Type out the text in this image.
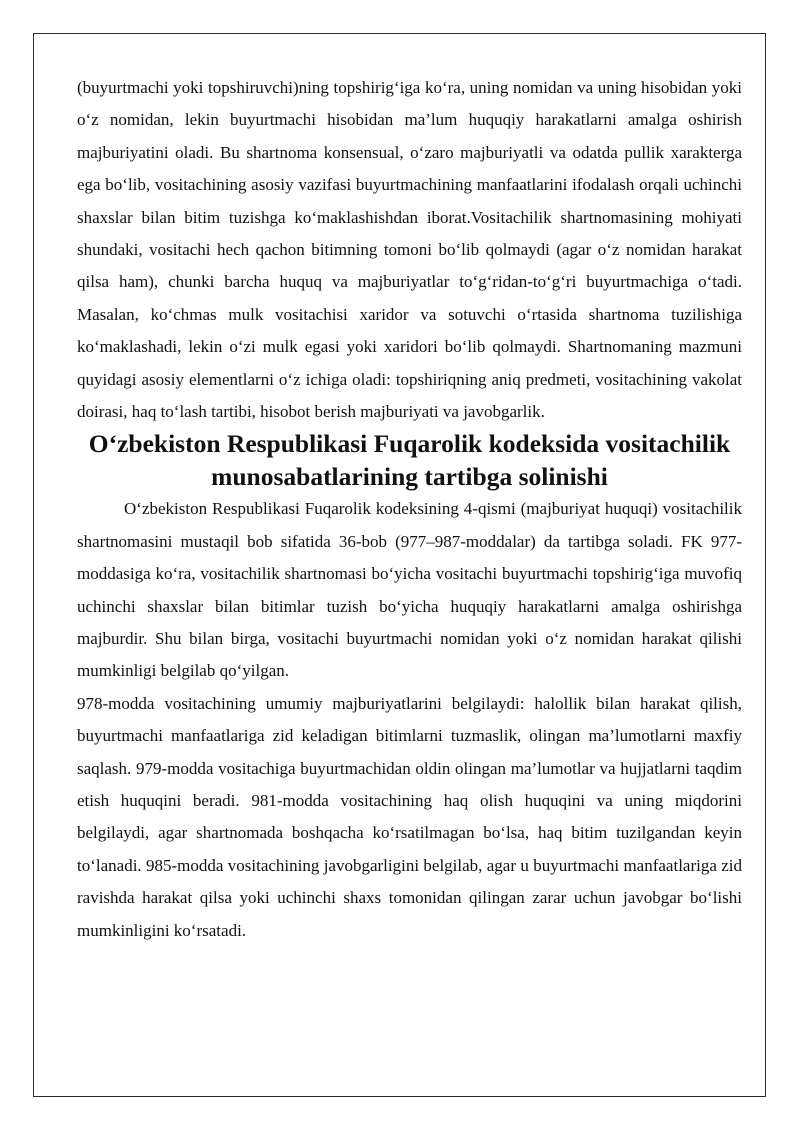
(buyurtmachi yoki topshiruvchi)ning topshirig‘iga ko‘ra, uning nomidan va uning hisobidan yoki o‘z nomidan, lekin buyurtmachi hisobidan ma’lum huquqiy harakatlarni amalga oshirish majburiyatini oladi. Bu shartnoma konsensual, o‘zaro majburiyatli va odatda pullik xarakterga ega bo‘lib, vositachining asosiy vazifasi buyurtmachining manfaatlarini ifodalash orqali uchinchi shaxslar bilan bitim tuzishga ko‘maklashishdan iborat.Vositachilik shartnomasining mohiyati shundaki, vositachi hech qachon bitimning tomoni bo‘lib qolmaydi (agar o‘z nomidan harakat qilsa ham), chunki barcha huquq va majburiyatlar to‘g‘ridan-to‘g‘ri buyurtmachiga o‘tadi. Masalan, ko‘chmas mulk vositachisi xaridor va sotuvchi o‘rtasida shartnoma tuzilishiga ko‘maklashadi, lekin o‘zi mulk egasi yoki xaridori bo‘lib qolmaydi. Shartnomaning mazmuni quyidagi asosiy elementlarni o‘z ichiga oladi: topshiriqning aniq predmeti, vositachining vakolat doirasi, haq to‘lash tartibi, hisobot berish majburiyati va javobgarlik.

O‘zbekiston Respublikasi Fuqarolik kodeksida vositachilik munosabatlarining tartibga solinishi

O‘zbekiston Respublikasi Fuqarolik kodeksining 4-qismi (majburiyat huquqi) vositachilik shartnomasini mustaqil bob sifatida 36-bob (977–987-moddalar) da tartibga soladi. FK 977-moddasiga ko‘ra, vositachilik shartnomasi bo‘yicha vositachi buyurtmachi topshirig‘iga muvofiq uchinchi shaxslar bilan bitimlar tuzish bo‘yicha huquqiy harakatlarni amalga oshirishga majburdir. Shu bilan birga, vositachi buyurtmachi nomidan yoki o‘z nomidan harakat qilishi mumkinligi belgilab qo‘yilgan.

978-modda vositachining umumiy majburiyatlarini belgilaydi: halollik bilan harakat qilish, buyurtmachi manfaatlariga zid keladigan bitimlarni tuzmaslik, olingan ma’lumotlarni maxfiy saqlash. 979-modda vositachiga buyurtmachidan oldin olingan ma’lumotlar va hujjatlarni taqdim etish huquqini beradi. 981-modda vositachining haq olish huquqini va uning miqdorini belgilaydi, agar shartnomada boshqacha ko‘rsatilmagan bo‘lsa, haq bitim tuzilgandan keyin to‘lanadi. 985-modda vositachining javobgarligini belgilab, agar u buyurtmachi manfaatlariga zid ravishda harakat qilsa yoki uchinchi shaxs tomonidan qilingan zarar uchun javobgar bo‘lishi mumkinligini ko‘rsatadi.
